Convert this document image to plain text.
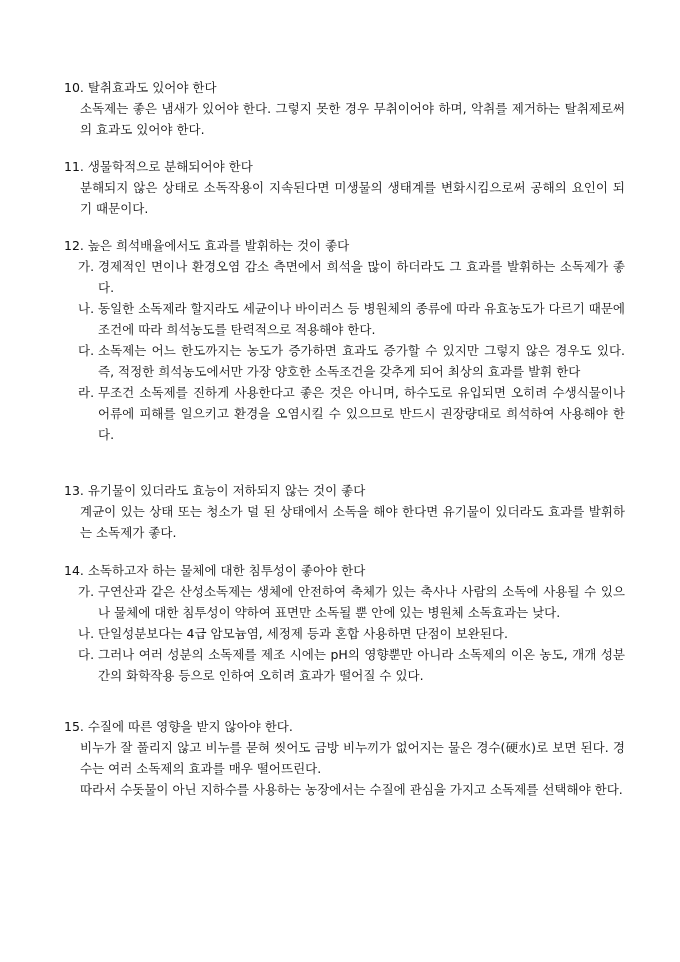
10. 탈취효과도 있어야 한다
소독제는 좋은 냄새가 있어야 한다. 그렇지 못한 경우 무취이어야 하며, 악취를 제거하는 탈취제로써의 효과도 있어야 한다.
11. 생물학적으로 분해되어야 한다
분해되지 않은 상태로 소독작용이 지속된다면 미생물의 생태계를 변화시킴으로써 공해의 요인이 되기 때문이다.
12. 높은 희석배율에서도 효과를 발휘하는 것이 좋다
가. 경제적인 면이나 환경오염 감소 측면에서 희석을 많이 하더라도 그 효과를 발휘하는 소독제가 좋다.
나. 동일한 소독제라 할지라도 세균이나 바이러스 등 병원체의 종류에 따라 유효농도가 다르기 때문에 조건에 따라 희석농도를 탄력적으로 적용해야 한다.
다. 소독제는 어느 한도까지는 농도가 증가하면 효과도 증가할 수 있지만 그렇지 않은 경우도 있다. 즉, 적정한 희석농도에서만 가장 양호한 소독조건을 갖추게 되어 최상의 효과를 발휘 한다
라. 무조건 소독제를 진하게 사용한다고 좋은 것은 아니며, 하수도로 유입되면 오히려 수생식물이나 어류에 피해를 일으키고 환경을 오염시킬 수 있으므로 반드시 권장량대로 희석하여 사용해야 한다.
13. 유기물이 있더라도 효능이 저하되지 않는 것이 좋다
계균이 있는 상태 또는 청소가 덜 된 상태에서 소독을 해야 한다면 유기물이 있더라도 효과를 발휘하는 소독제가 좋다.
14. 소독하고자 하는 물체에 대한 침투성이 좋아야 한다
가. 구연산과 같은 산성소독제는 생체에 안전하여 축체가 있는 축사나 사람의 소독에 사용될 수 있으나 물체에 대한 침투성이 약하여 표면만 소독될 뿐 안에 있는 병원체 소독효과는 낮다.
나. 단일성분보다는 4급 암모늄염, 세정제 등과 혼합 사용하면 단점이 보완된다.
다. 그러나 여러 성분의 소독제를 제조 시에는 pH의 영향뿐만 아니라 소독제의 이온 농도, 개개 성분간의 화학작용 등으로 인하여 오히려 효과가 떨어질 수 있다.
15. 수질에 따른 영향을 받지 않아야 한다.
비누가 잘 풀리지 않고 비누를 묻혀 씻어도 금방 비누끼가 없어지는 물은 경수(硬水)로 보면 된다. 경수는 여러 소독제의 효과를 매우 떨어뜨린다.
따라서 수돗물이 아닌 지하수를 사용하는 농장에서는 수질에 관심을 가지고 소독제를 선택해야 한다.
